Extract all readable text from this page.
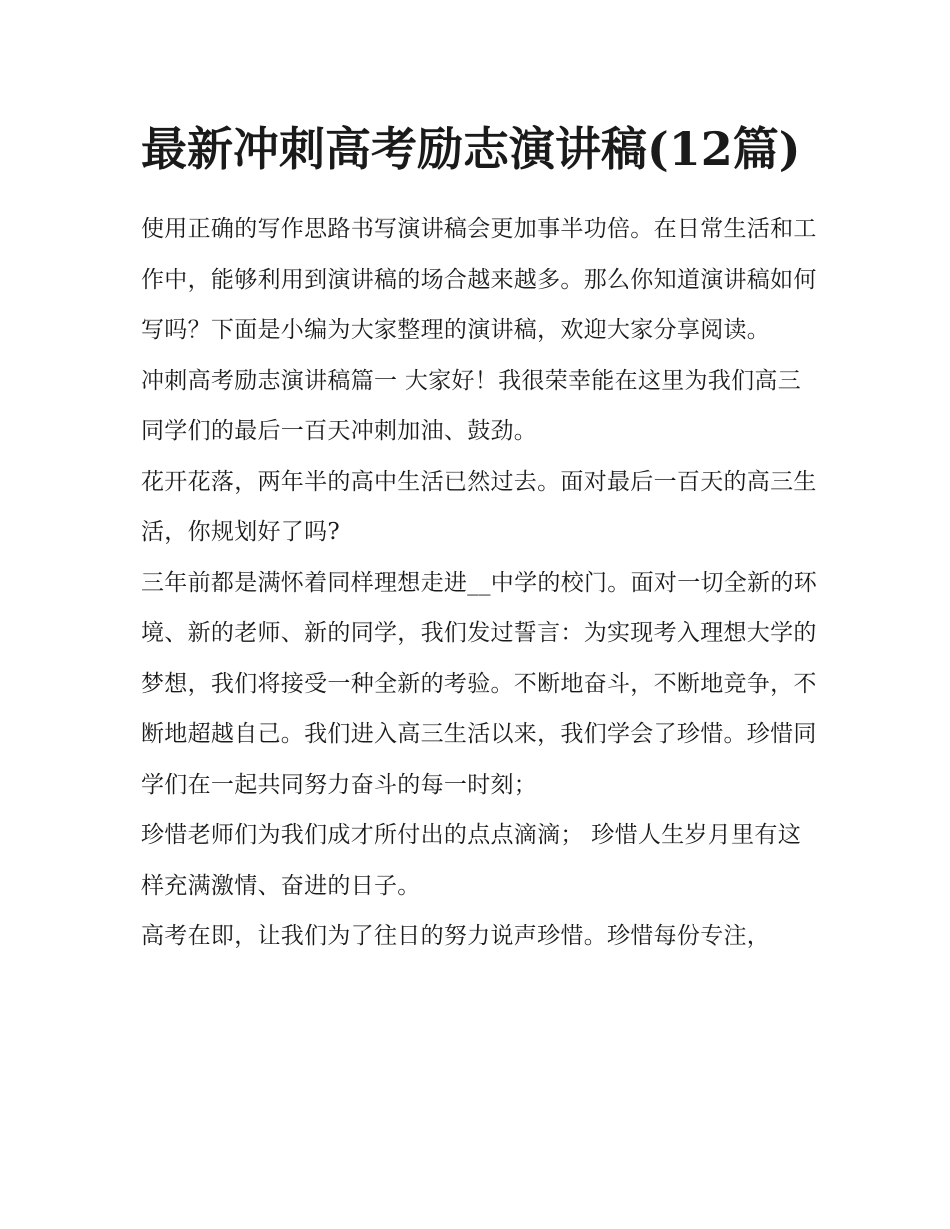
最新冲刺高考励志演讲稿(12篇)

使用正确的写作思路书写演讲稿会更加事半功倍。在日常生活和工作中，能够利用到演讲稿的场合越来越多。那么你知道演讲稿如何写吗？下面是小编为大家整理的演讲稿，欢迎大家分享阅读。

冲刺高考励志演讲稿篇一 大家好！我很荣幸能在这里为我们高三同学们的最后一百天冲刺加油、鼓劲。

花开花落，两年半的高中生活已然过去。面对最后一百天的高三生活，你规划好了吗?

三年前都是满怀着同样理想走进__中学的校门。面对一切全新的环境、新的老师、新的同学，我们发过誓言：为实现考入理想大学的梦想，我们将接受一种全新的考验。不断地奋斗，不断地竞争，不断地超越自己。我们进入高三生活以来，我们学会了珍惜。珍惜同学们在一起共同努力奋斗的每一时刻；

珍惜老师们为我们成才所付出的点点滴滴； 珍惜人生岁月里有这样充满激情、奋进的日子。

高考在即，让我们为了往日的努力说声珍惜。珍惜每份专注，
